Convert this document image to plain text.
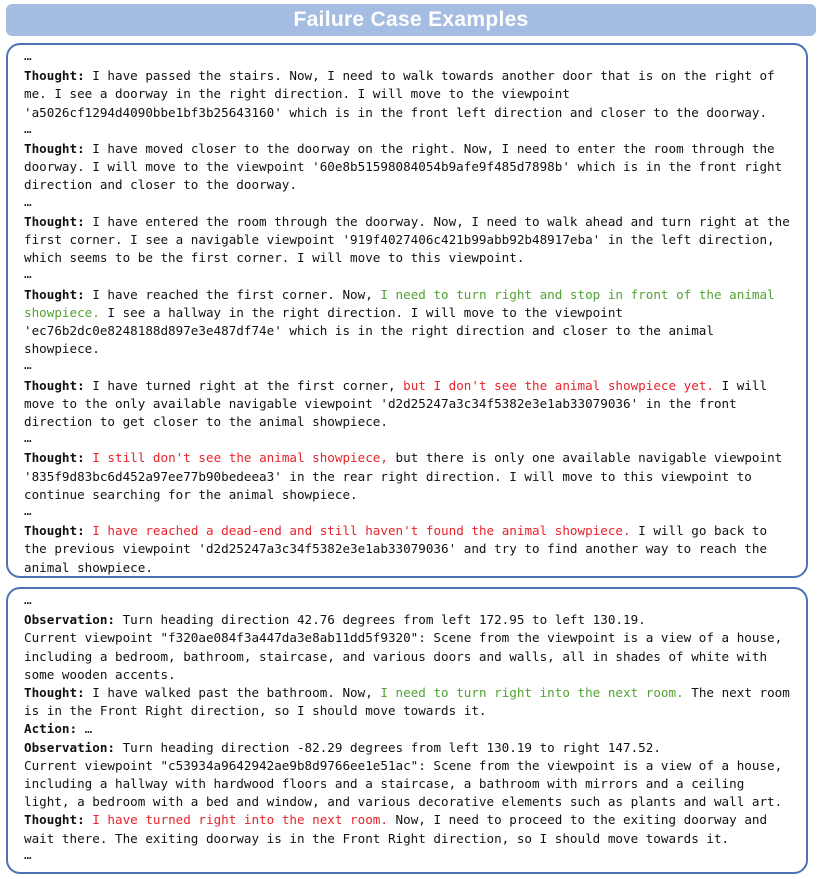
Failure Case Examples
…
Thought: I have passed the stairs. Now, I need to walk towards another door that is on the right of me. I see a doorway in the right direction. I will move to the viewpoint 'a5026cf1294d4090bbe1bf3b25643160' which is in the front left direction and closer to the doorway.
…
Thought: I have moved closer to the doorway on the right. Now, I need to enter the room through the doorway. I will move to the viewpoint '60e8b51598084054b9afe9f485d7898b' which is in the front right direction and closer to the doorway.
…
Thought: I have entered the room through the doorway. Now, I need to walk ahead and turn right at the first corner. I see a navigable viewpoint '919f4027406c421b99abb92b48917eba' in the left direction, which seems to be the first corner. I will move to this viewpoint.
…
Thought: I have reached the first corner. Now, I need to turn right and stop in front of the animal showpiece. I see a hallway in the right direction. I will move to the viewpoint 'ec76b2dc0e8248188d897e3e487df74e' which is in the right direction and closer to the animal showpiece.
…
Thought: I have turned right at the first corner, but I don't see the animal showpiece yet. I will move to the only available navigable viewpoint 'd2d25247a3c34f5382e3e1ab33079036' in the front direction to get closer to the animal showpiece.
…
Thought: I still don't see the animal showpiece, but there is only one available navigable viewpoint '835f9d83bc6d452a97ee77b90bedeea3' in the rear right direction. I will move to this viewpoint to continue searching for the animal showpiece.
…
Thought: I have reached a dead-end and still haven't found the animal showpiece. I will go back to the previous viewpoint 'd2d25247a3c34f5382e3e1ab33079036' and try to find another way to reach the animal showpiece.
…
Observation: Turn heading direction 42.76 degrees from left 172.95 to left 130.19.
Current viewpoint "f320ae084f3a447da3e8ab11dd5f9320": Scene from the viewpoint is a view of a house, including a bedroom, bathroom, staircase, and various doors and walls, all in shades of white with some wooden accents.
Thought: I have walked past the bathroom. Now, I need to turn right into the next room. The next room is in the Front Right direction, so I should move towards it.
Action: …
Observation: Turn heading direction -82.29 degrees from left 130.19 to right 147.52.
Current viewpoint "c53934a9642942ae9b8d9766ee1e51ac": Scene from the viewpoint is a view of a house, including a hallway with hardwood floors and a staircase, a bathroom with mirrors and a ceiling light, a bedroom with a bed and window, and various decorative elements such as plants and wall art.
Thought: I have turned right into the next room. Now, I need to proceed to the exiting doorway and wait there. The exiting doorway is in the Front Right direction, so I should move towards it.
…
